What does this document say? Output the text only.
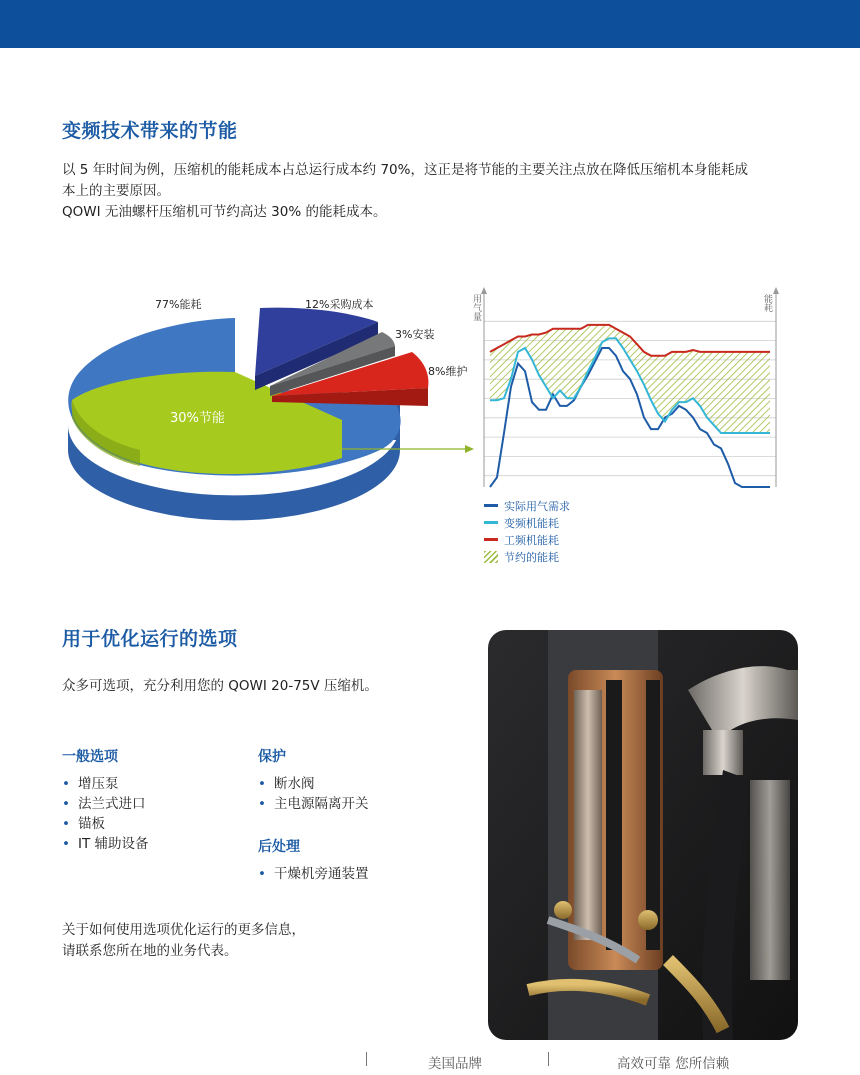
变频技术带来的节能

以 5 年时间为例，压缩机的能耗成本占总运行成本约 70%，这正是将节能的主要关注点放在降低压缩机本身能耗成

本上的主要原因。

QOWI 无油螺杆压缩机可节约高达 30% 的能耗成本。

77%能耗	12%采购成本
3%安装
8%维护
30%节能
用气量	能耗
实际用气需求
变频机能耗
工频机能耗
节约的能耗
用于优化运行的选项
众多可选项，充分利用您的 QOWI 20-75V 压缩机。
一般选项
• 增压泵
• 法兰式进口
• 锚板
• IT 辅助设备
保护
• 断水阀
• 主电源隔离开关
后处理
• 干燥机旁通装置

关于如何使用选项优化运行的更多信息，

请联系您所在地的业务代表。

美国品牌	高效可靠 您所信赖
